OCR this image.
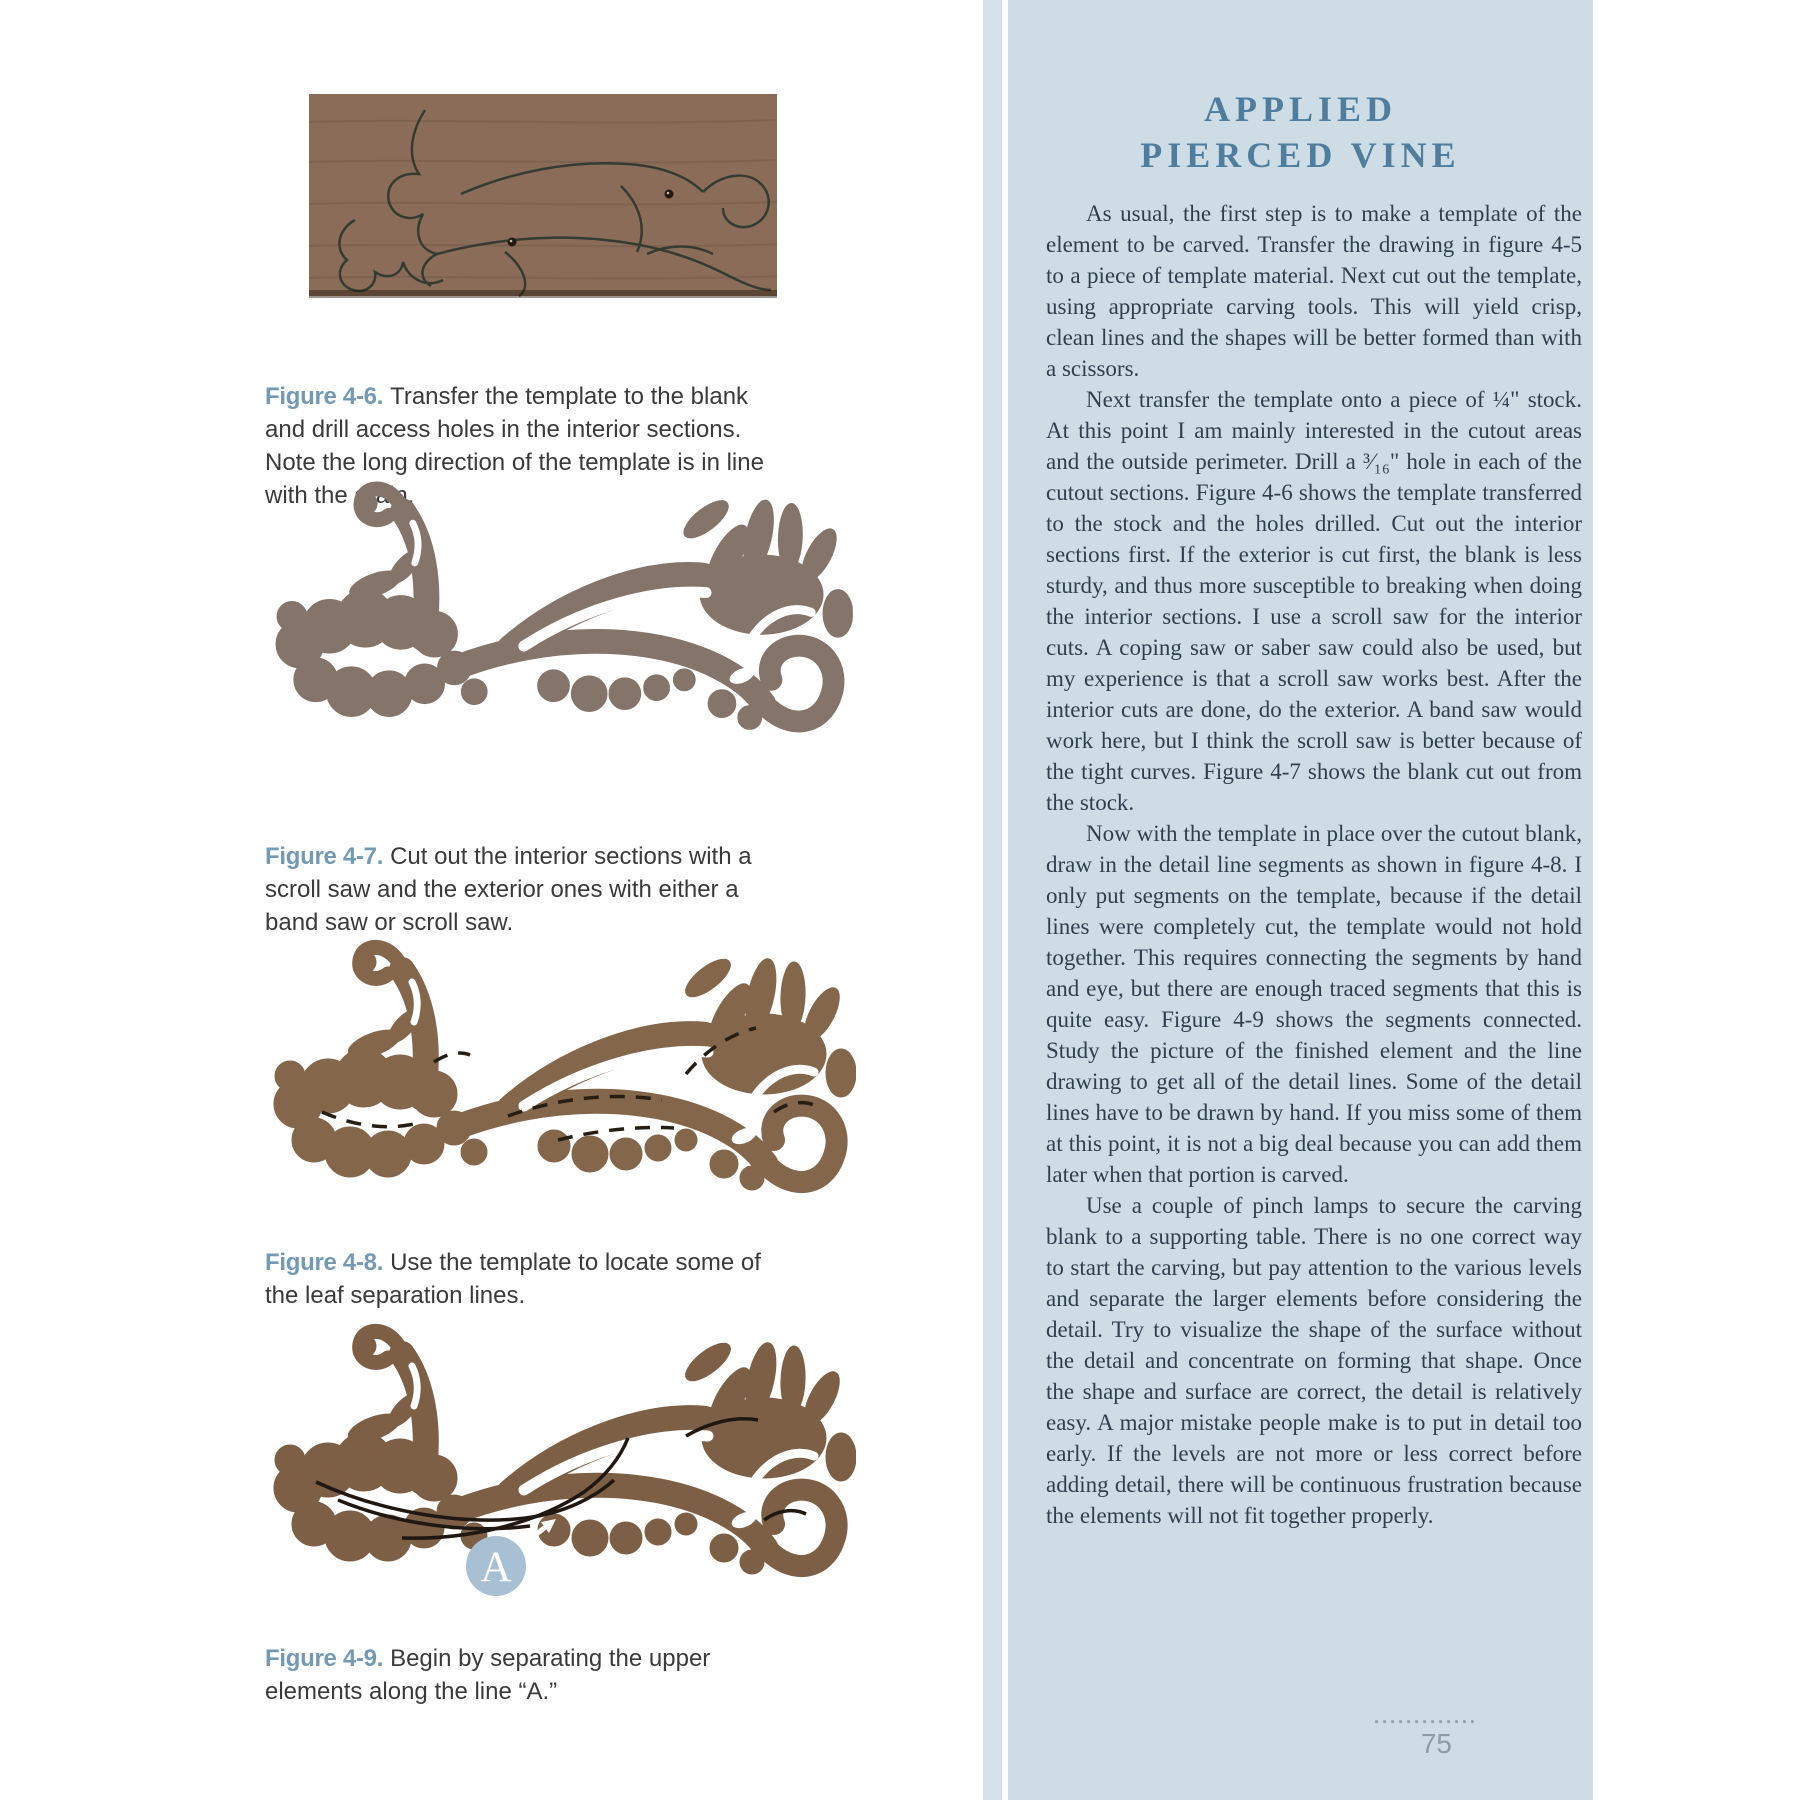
Figure 4-6. Transfer the template to the blank and drill access holes in the interior sections. Note the long direction of the template is in line with the grain.

Figure 4-7. Cut out the interior sections with a scroll saw and the exterior ones with either a band saw or scroll saw.

Figure 4-8. Use the template to locate some of the leaf separation lines.

A

Figure 4-9. Begin by separating the upper elements along the line “A.”

APPLIED
PIERCED VINE

As usual, the first step is to make a template of the element to be carved. Transfer the drawing in figure 4-5 to a piece of template material. Next cut out the template, using appropriate carving tools. This will yield crisp, clean lines and the shapes will be better formed than with a scissors.

Next transfer the template onto a piece of ¼" stock. At this point I am mainly interested in the cutout areas and the outside perimeter. Drill a ³⁄₁₆" hole in each of the cutout sections. Figure 4-6 shows the template transferred to the stock and the holes drilled. Cut out the interior sections first. If the exterior is cut first, the blank is less sturdy, and thus more susceptible to breaking when doing the interior sections. I use a scroll saw for the interior cuts. A coping saw or saber saw could also be used, but my experience is that a scroll saw works best. After the interior cuts are done, do the exterior. A band saw would work here, but I think the scroll saw is better because of the tight curves. Figure 4-7 shows the blank cut out from the stock.

Now with the template in place over the cutout blank, draw in the detail line segments as shown in figure 4-8. I only put segments on the template, because if the detail lines were completely cut, the template would not hold together. This requires connecting the segments by hand and eye, but there are enough traced segments that this is quite easy. Figure 4-9 shows the segments connected. Study the picture of the finished element and the line drawing to get all of the detail lines. Some of the detail lines have to be drawn by hand. If you miss some of them at this point, it is not a big deal because you can add them later when that portion is carved.

Use a couple of pinch lamps to secure the carving blank to a supporting table. There is no one correct way to start the carving, but pay attention to the various levels and separate the larger elements before considering the detail. Try to visualize the shape of the surface without the detail and concentrate on forming that shape. Once the shape and surface are correct, the detail is relatively easy. A major mistake people make is to put in detail too early. If the levels are not more or less correct before adding detail, there will be continuous frustration because the elements will not fit together properly.

·············
75
